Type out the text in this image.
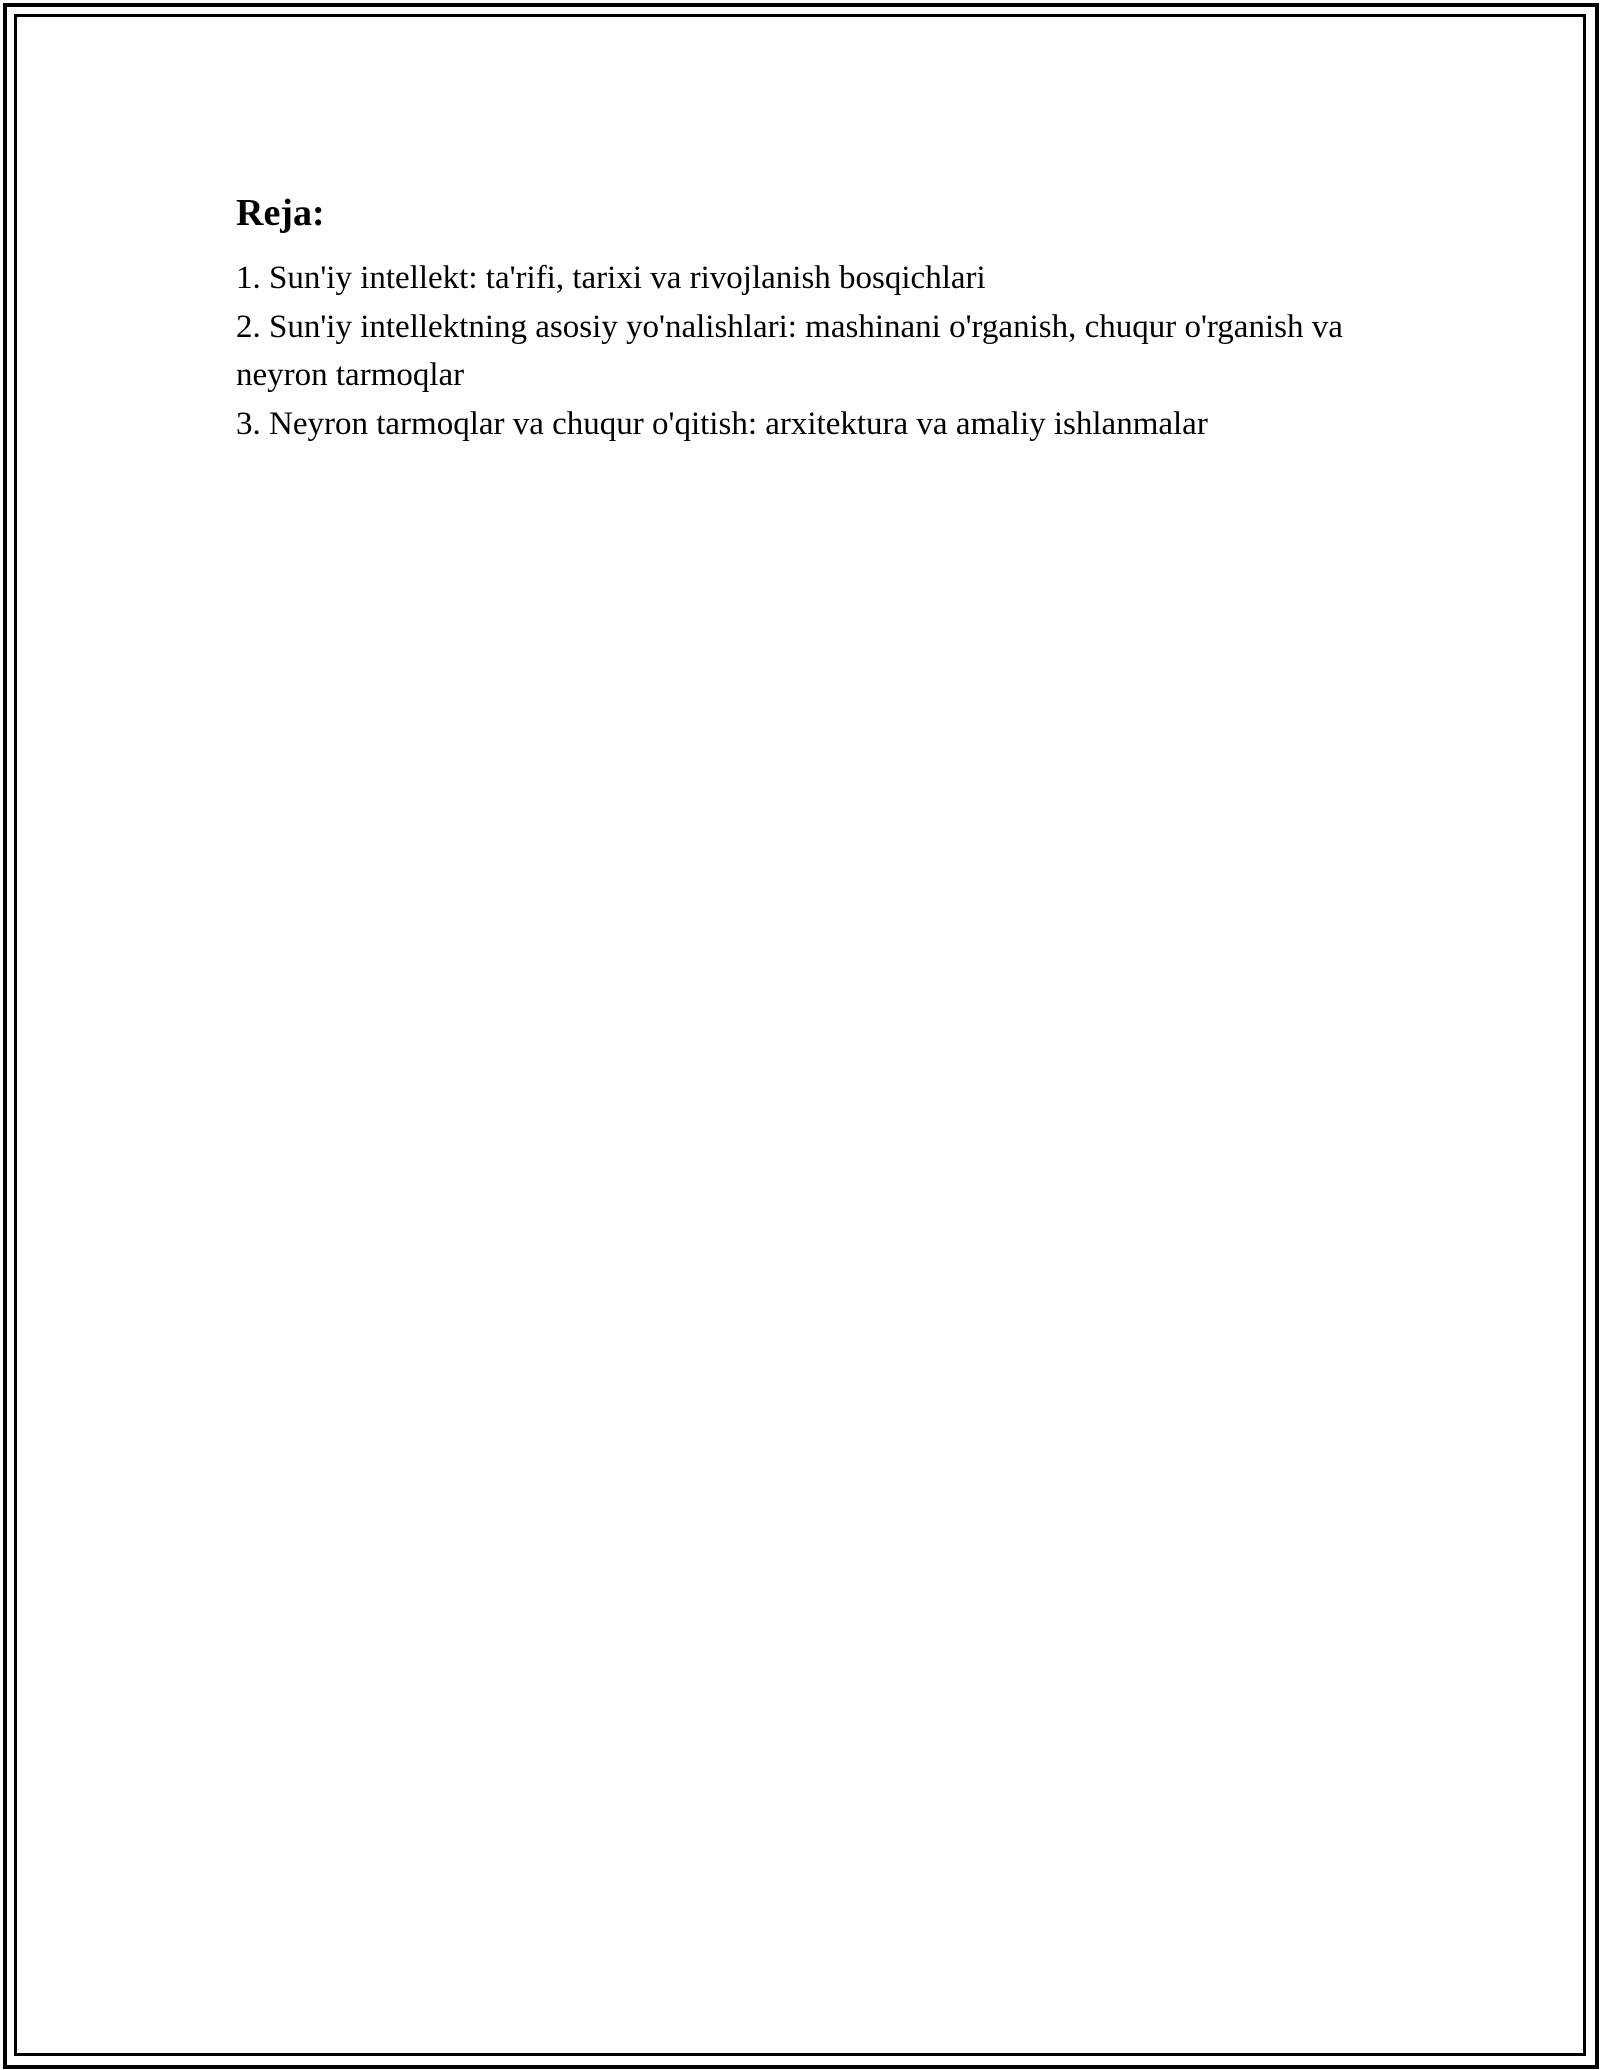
Reja:
1. Sun'iy intellekt: ta'rifi, tarixi va rivojlanish bosqichlari
2. Sun'iy intellektning asosiy yo'nalishlari: mashinani o'rganish, chuqur o'rganish va neyron tarmoqlar
3. Neyron tarmoqlar va chuqur o'qitish: arxitektura va amaliy ishlanmalar
